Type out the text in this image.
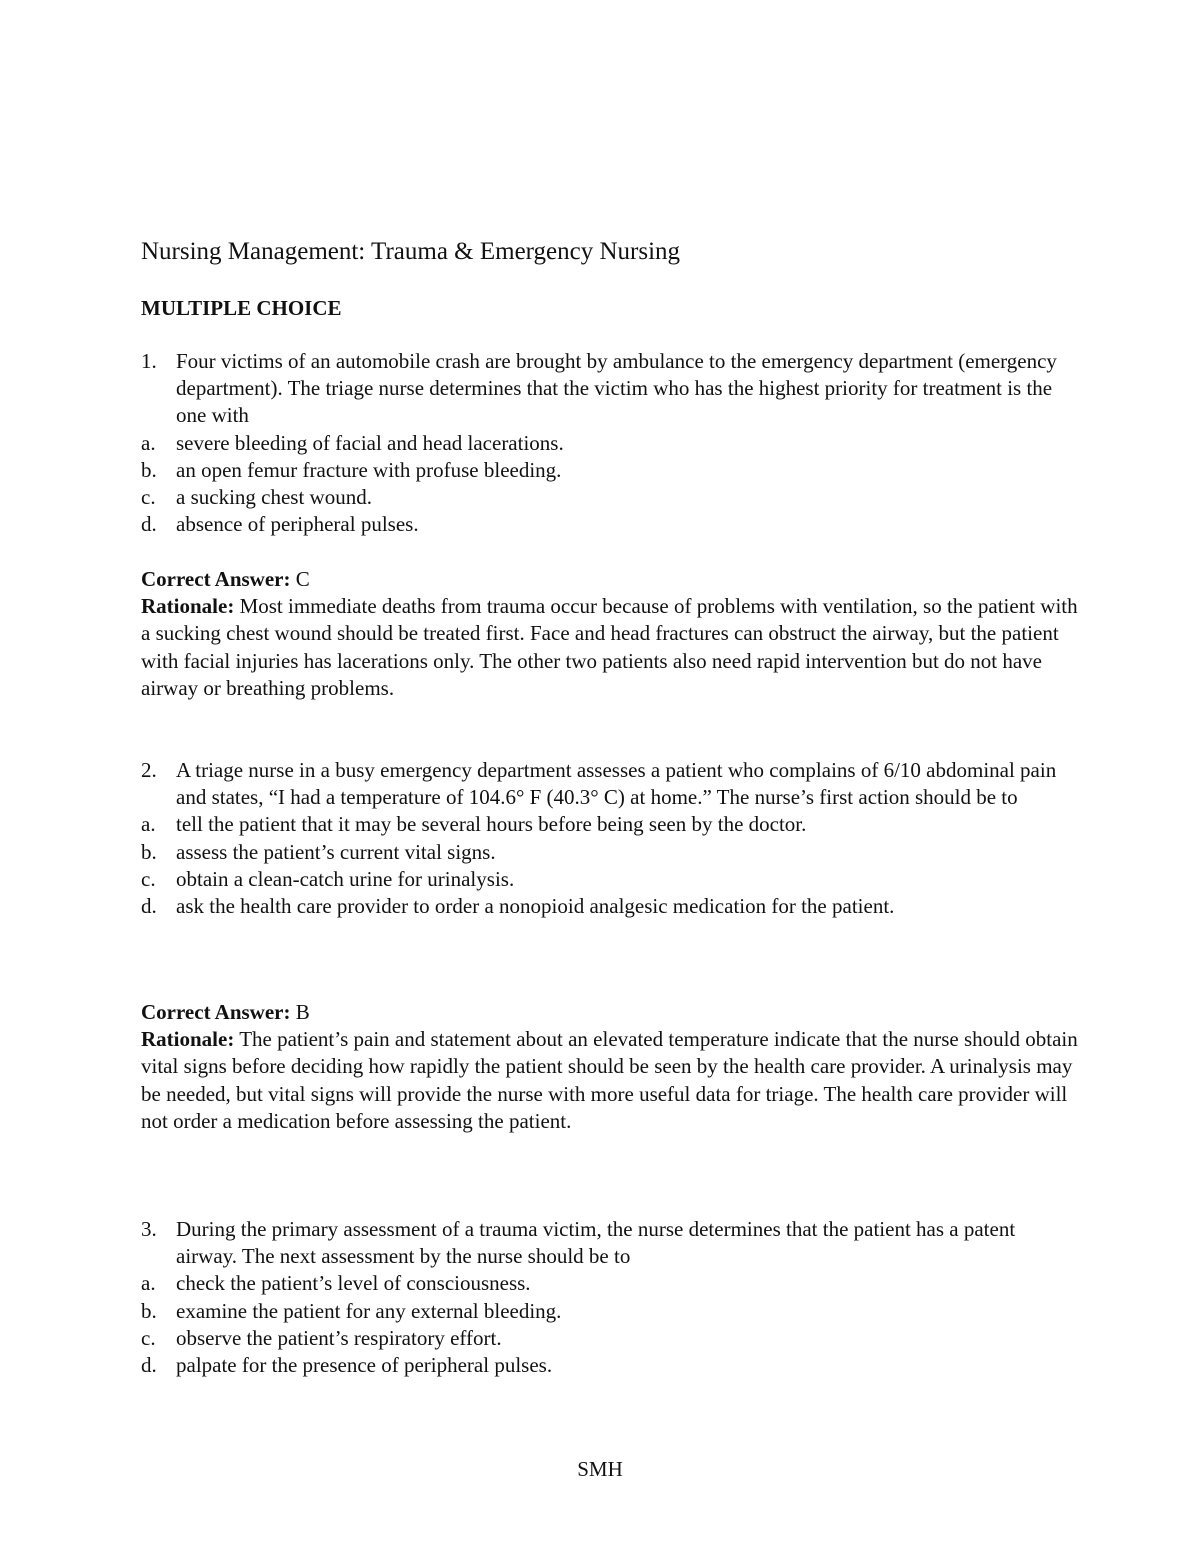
Nursing Management: Trauma & Emergency Nursing
MULTIPLE CHOICE
1. Four victims of an automobile crash are brought by ambulance to the emergency department (emergency department). The triage nurse determines that the victim who has the highest priority for treatment is the one with
a. severe bleeding of facial and head lacerations.
b. an open femur fracture with profuse bleeding.
c. a sucking chest wound.
d. absence of peripheral pulses.
Correct Answer: C
Rationale: Most immediate deaths from trauma occur because of problems with ventilation, so the patient with a sucking chest wound should be treated first. Face and head fractures can obstruct the airway, but the patient with facial injuries has lacerations only. The other two patients also need rapid intervention but do not have airway or breathing problems.
2. A triage nurse in a busy emergency department assesses a patient who complains of 6/10 abdominal pain and states, “I had a temperature of 104.6° F (40.3° C) at home.” The nurse’s first action should be to
a. tell the patient that it may be several hours before being seen by the doctor.
b. assess the patient’s current vital signs.
c. obtain a clean-catch urine for urinalysis.
d. ask the health care provider to order a nonopioid analgesic medication for the patient.
Correct Answer: B
Rationale: The patient’s pain and statement about an elevated temperature indicate that the nurse should obtain vital signs before deciding how rapidly the patient should be seen by the health care provider. A urinalysis may be needed, but vital signs will provide the nurse with more useful data for triage. The health care provider will not order a medication before assessing the patient.
3. During the primary assessment of a trauma victim, the nurse determines that the patient has a patent airway. The next assessment by the nurse should be to
a. check the patient’s level of consciousness.
b. examine the patient for any external bleeding.
c. observe the patient’s respiratory effort.
d. palpate for the presence of peripheral pulses.
SMH
